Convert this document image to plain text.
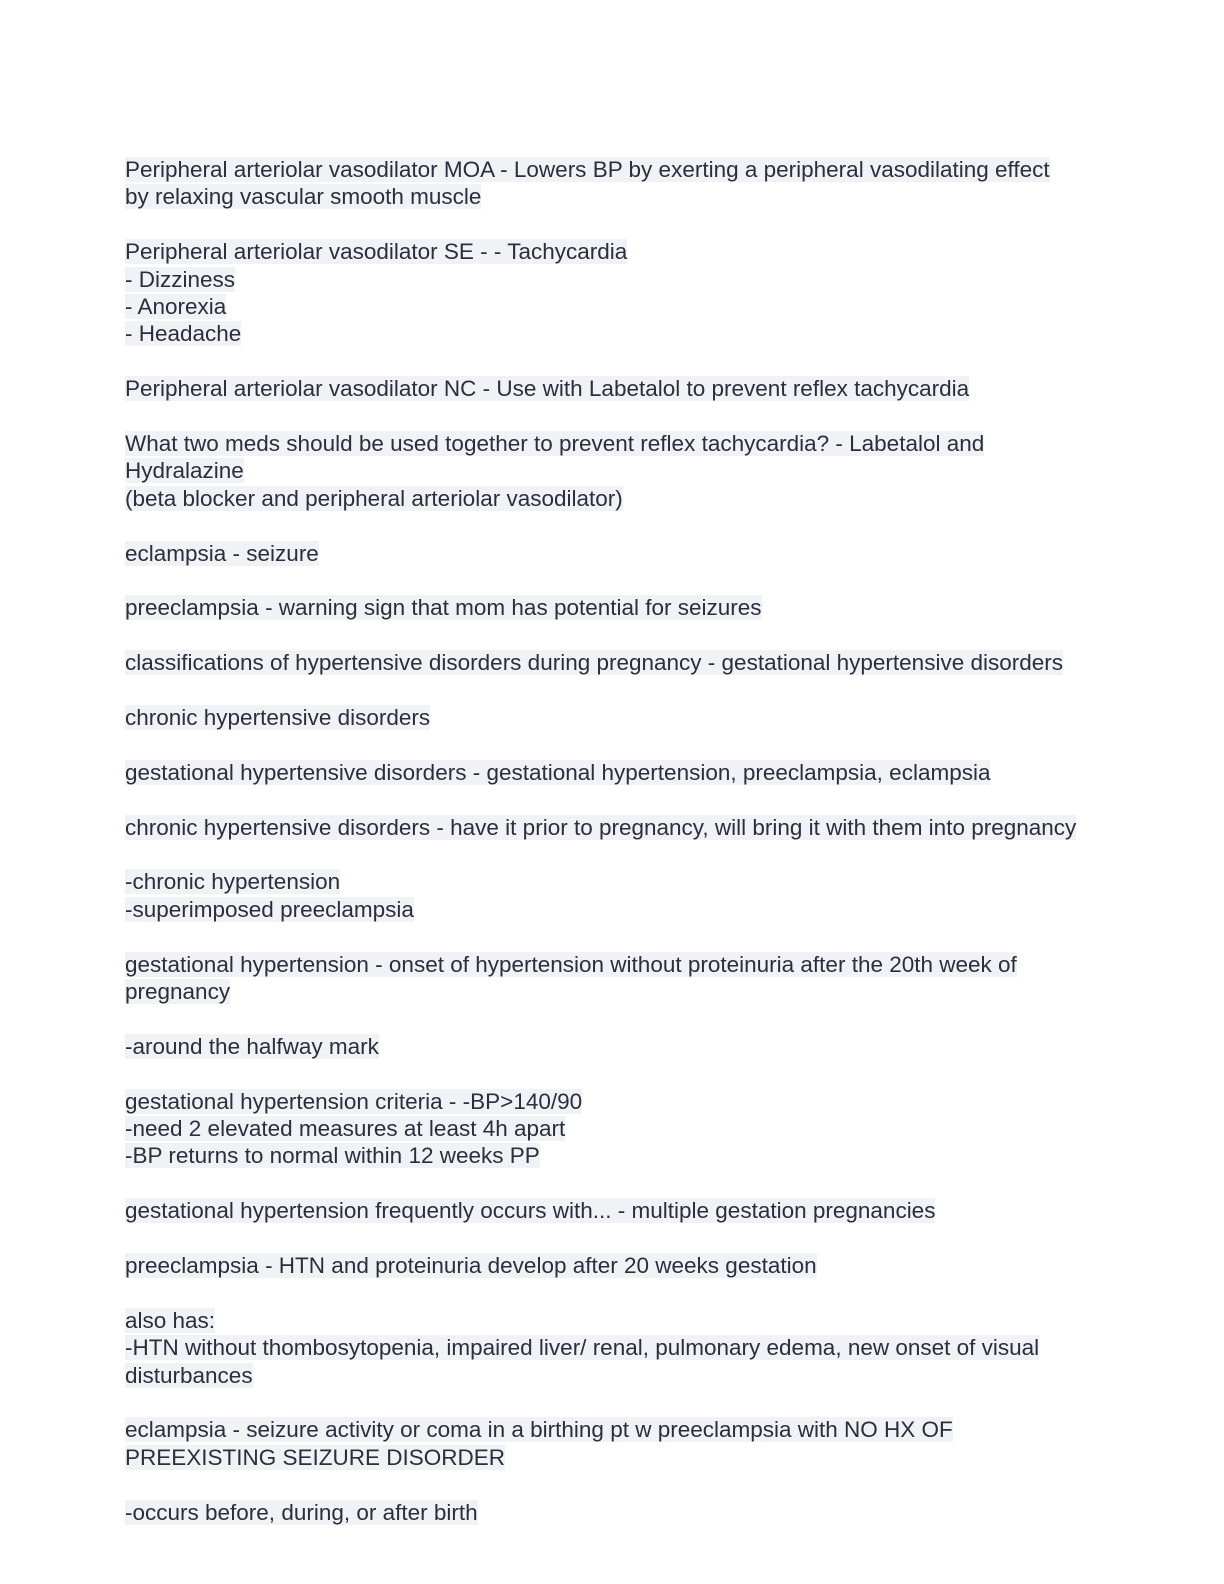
Peripheral arteriolar vasodilator MOA - Lowers BP by exerting a peripheral vasodilating effect
by relaxing vascular smooth muscle
Peripheral arteriolar vasodilator SE - - Tachycardia
- Dizziness
- Anorexia
- Headache
Peripheral arteriolar vasodilator NC - Use with Labetalol to prevent reflex tachycardia
What two meds should be used together to prevent reflex tachycardia? - Labetalol and
Hydralazine
(beta blocker and peripheral arteriolar vasodilator)
eclampsia - seizure
preeclampsia - warning sign that mom has potential for seizures
classifications of hypertensive disorders during pregnancy - gestational hypertensive disorders
chronic hypertensive disorders
gestational hypertensive disorders - gestational hypertension, preeclampsia, eclampsia
chronic hypertensive disorders - have it prior to pregnancy, will bring it with them into pregnancy
-chronic hypertension
-superimposed preeclampsia
gestational hypertension - onset of hypertension without proteinuria after the 20th week of
pregnancy
-around the halfway mark
gestational hypertension criteria - -BP>140/90
-need 2 elevated measures at least 4h apart
-BP returns to normal within 12 weeks PP
gestational hypertension frequently occurs with... - multiple gestation pregnancies
preeclampsia - HTN and proteinuria develop after 20 weeks gestation
also has:
-HTN without thombosytopenia, impaired liver/ renal, pulmonary edema, new onset of visual
disturbances
eclampsia - seizure activity or coma in a birthing pt w preeclampsia with NO HX OF
PREEXISTING SEIZURE DISORDER
-occurs before, during, or after birth
